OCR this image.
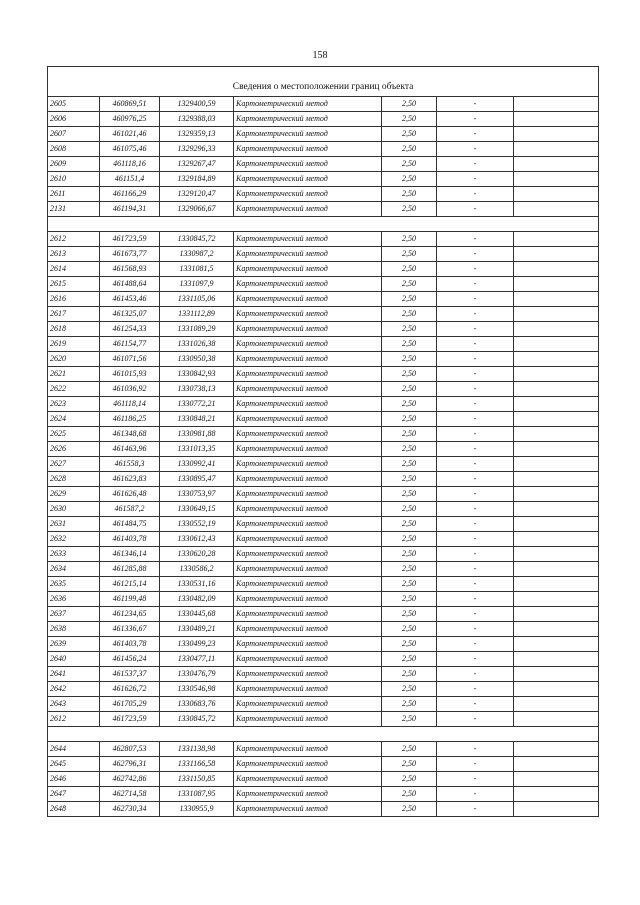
158
Сведения о местоположении границ объекта						
2605	460869,51	1329400,59	Картометрический метод	2,50	-	
2606	460976,25	1329388,03	Картометрический метод	2,50	-	
2607	461021,46	1329359,13	Картометрический метод	2,50	-	
2608	461075,46	1329296,33	Картометрический метод	2,50	-	
2609	461118,16	1329267,47	Картометрический метод	2,50	-	
2610	461151,4	1329184,89	Картометрический метод	2,50	-	
2611	461166,29	1329120,47	Картометрический метод	2,50	-	
2131	461194,31	1329066,67	Картометрический метод	2,50	-	

2612	461723,59	1330845,72	Картометрический метод	2,50	-	
2613	461673,77	1330987,2	Картометрический метод	2,50	-	
2614	461568,93	1331081,5	Картометрический метод	2,50	-	
2615	461488,64	1331097,9	Картометрический метод	2,50	-	
2616	461453,46	1331105,06	Картометрический метод	2,50	-	
2617	461325,07	1331112,89	Картометрический метод	2,50	-	
2618	461254,33	1331089,29	Картометрический метод	2,50	-	
2619	461154,77	1331026,38	Картометрический метод	2,50	-	
2620	461071,56	1330950,38	Картометрический метод	2,50	-	
2621	461015,93	1330842,93	Картометрический метод	2,50	-	
2622	461036,92	1330738,13	Картометрический метод	2,50	-	
2623	461118,14	1330772,21	Картометрический метод	2,50	-	
2624	461186,25	1330848,21	Картометрический метод	2,50	-	
2625	461348,68	1330981,88	Картометрический метод	2,50	-	
2626	461463,96	1331013,35	Картометрический метод	2,50	-	
2627	461558,3	1330992,41	Картометрический метод	2,50	-	
2628	461623,83	1330895,47	Картометрический метод	2,50	-	
2629	461626,48	1330753,97	Картометрический метод	2,50	-	
2630	461587,2	1330649,15	Картометрический метод	2,50	-	
2631	461484,75	1330552,19	Картометрический метод	2,50	-	
2632	461403,78	1330612,43	Картометрический метод	2,50	-	
2633	461346,14	1330620,28	Картометрический метод	2,50	-	
2634	461285,88	1330586,2	Картометрический метод	2,50	-	
2635	461215,14	1330531,16	Картометрический метод	2,50	-	
2636	461199,48	1330482,09	Картометрический метод	2,50	-	
2637	461234,65	1330445,68	Картометрический метод	2,50	-	
2638	461336,67	1330489,21	Картометрический метод	2,50	-	
2639	461403,78	1330499,23	Картометрический метод	2,50	-	
2640	461456,24	1330477,11	Картометрический метод	2,50	-	
2641	461537,37	1330476,79	Картометрический метод	2,50	-	
2642	461626,72	1330546,98	Картометрический метод	2,50	-	
2643	461705,29	1330683,76	Картометрический метод	2,50	-	
2612	461723,59	1330845,72	Картометрический метод	2,50	-	

2644	462807,53	1331138,98	Картометрический метод	2,50	-	
2645	462796,31	1331166,58	Картометрический метод	2,50	-	
2646	462742,86	1331150,85	Картометрический метод	2,50	-	
2647	462714,58	1331087,95	Картометрический метод	2,50	-	
2648	462730,34	1330955,9	Картометрический метод	2,50	-	
